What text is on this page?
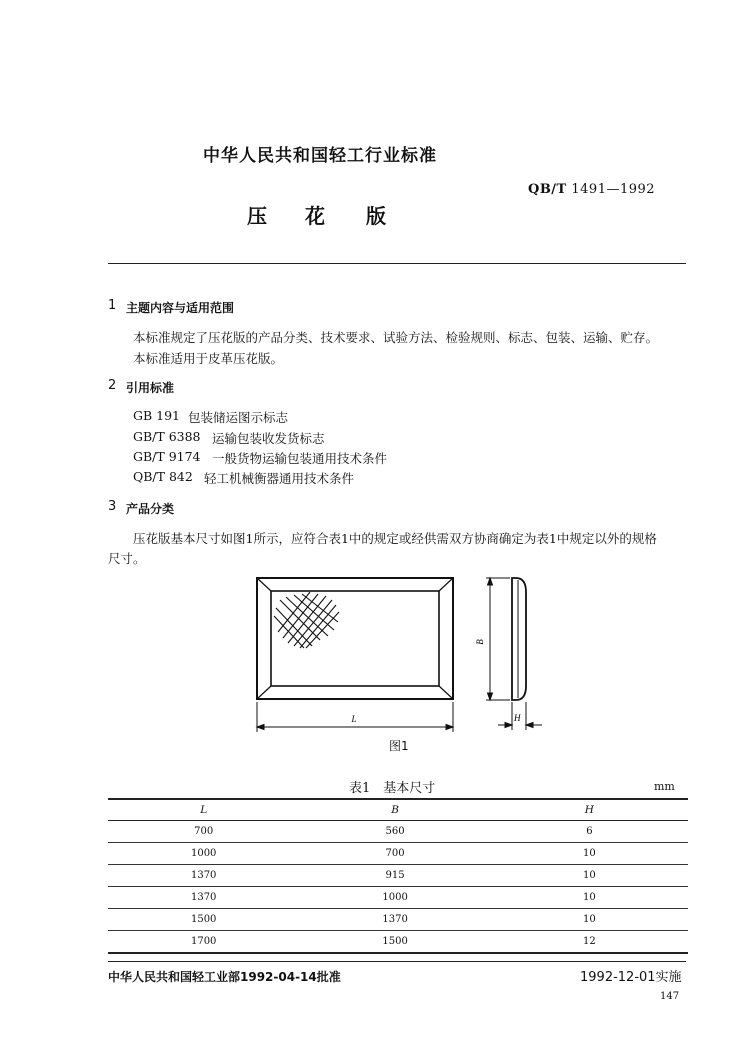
中华人民共和国轻工行业标准
QB/T 1491—1992
压 花 版
1 主题内容与适用范围
本标准规定了压花版的产品分类、技术要求、试验方法、检验规则、标志、包装、运输、贮存。
本标准适用于皮革压花版。
2 引用标准
GB 191 包装储运图示标志
GB/T 6388 运输包装收发货标志
GB/T 9174 一般货物运输包装通用技术条件
QB/T 842 轻工机械衡器通用技术条件
3 产品分类
压花版基本尺寸如图1所示，应符合表1中的规定或经供需双方协商确定为表1中规定以外的规格
尺寸。
L
B
H
图1
表1　基本尺寸	mm
L	B	H
700	560	6
1000	700	10
1370	915	10
1370	1000	10
1500	1370	10
1700	1500	12
中华人民共和国轻工业部1992-04-14批准	1992-12-01实施
147
